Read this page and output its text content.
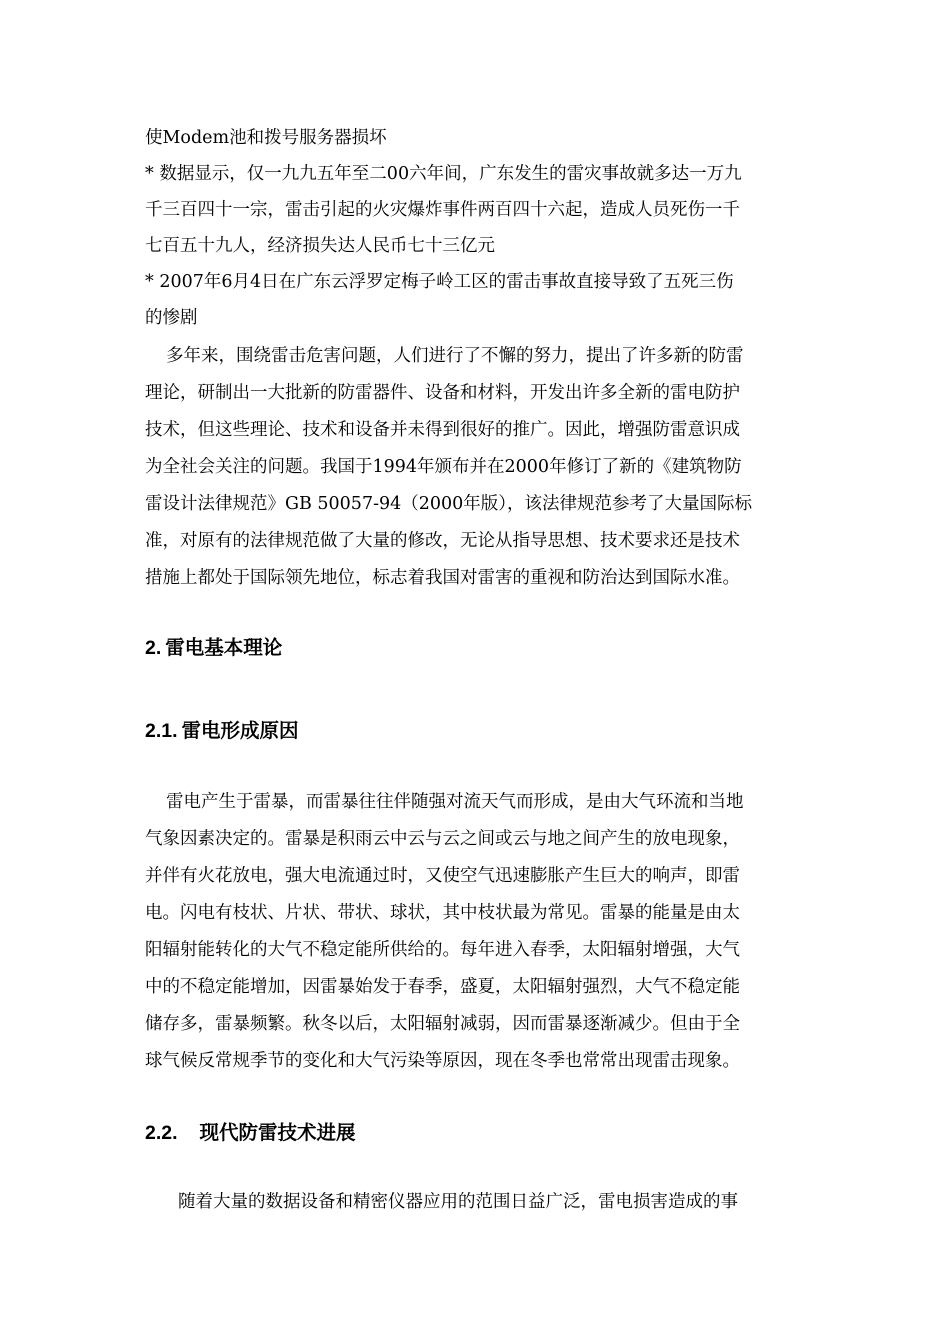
使Modem池和拨号服务器损坏
* 数据显示，仅一九九五年至二00六年间，广东发生的雷灾事故就多达一万九
千三百四十一宗，雷击引起的火灾爆炸事件两百四十六起，造成人员死伤一千
七百五十九人，经济损失达人民币七十三亿元
* 2007年6月4日在广东云浮罗定梅子岭工区的雷击事故直接导致了五死三伤
的惨剧
多年来，围绕雷击危害问题，人们进行了不懈的努力，提出了许多新的防雷
理论，研制出一大批新的防雷器件、设备和材料，开发出许多全新的雷电防护
技术，但这些理论、技术和设备并未得到很好的推广。因此，增强防雷意识成
为全社会关注的问题。我国于1994年颁布并在2000年修订了新的《建筑物防
雷设计法律规范》GB 50057-94（2000年版），该法律规范参考了大量国际标
准，对原有的法律规范做了大量的修改，无论从指导思想、技术要求还是技术
措施上都处于国际领先地位，标志着我国对雷害的重视和防治达到国际水准。
2. 雷电基本理论
2.1. 雷电形成原因
雷电产生于雷暴，而雷暴往往伴随强对流天气而形成，是由大气环流和当地
气象因素决定的。雷暴是积雨云中云与云之间或云与地之间产生的放电现象，
并伴有火花放电，强大电流通过时，又使空气迅速膨胀产生巨大的响声，即雷
电。闪电有枝状、片状、带状、球状，其中枝状最为常见。雷暴的能量是由太
阳辐射能转化的大气不稳定能所供给的。每年进入春季，太阳辐射增强，大气
中的不稳定能增加，因雷暴始发于春季，盛夏，太阳辐射强烈，大气不稳定能
储存多，雷暴频繁。秋冬以后，太阳辐射减弱，因而雷暴逐渐减少。但由于全
球气候反常规季节的变化和大气污染等原因，现在冬季也常常出现雷击现象。
2.2. 现代防雷技术进展
随着大量的数据设备和精密仪器应用的范围日益广泛，雷电损害造成的事
